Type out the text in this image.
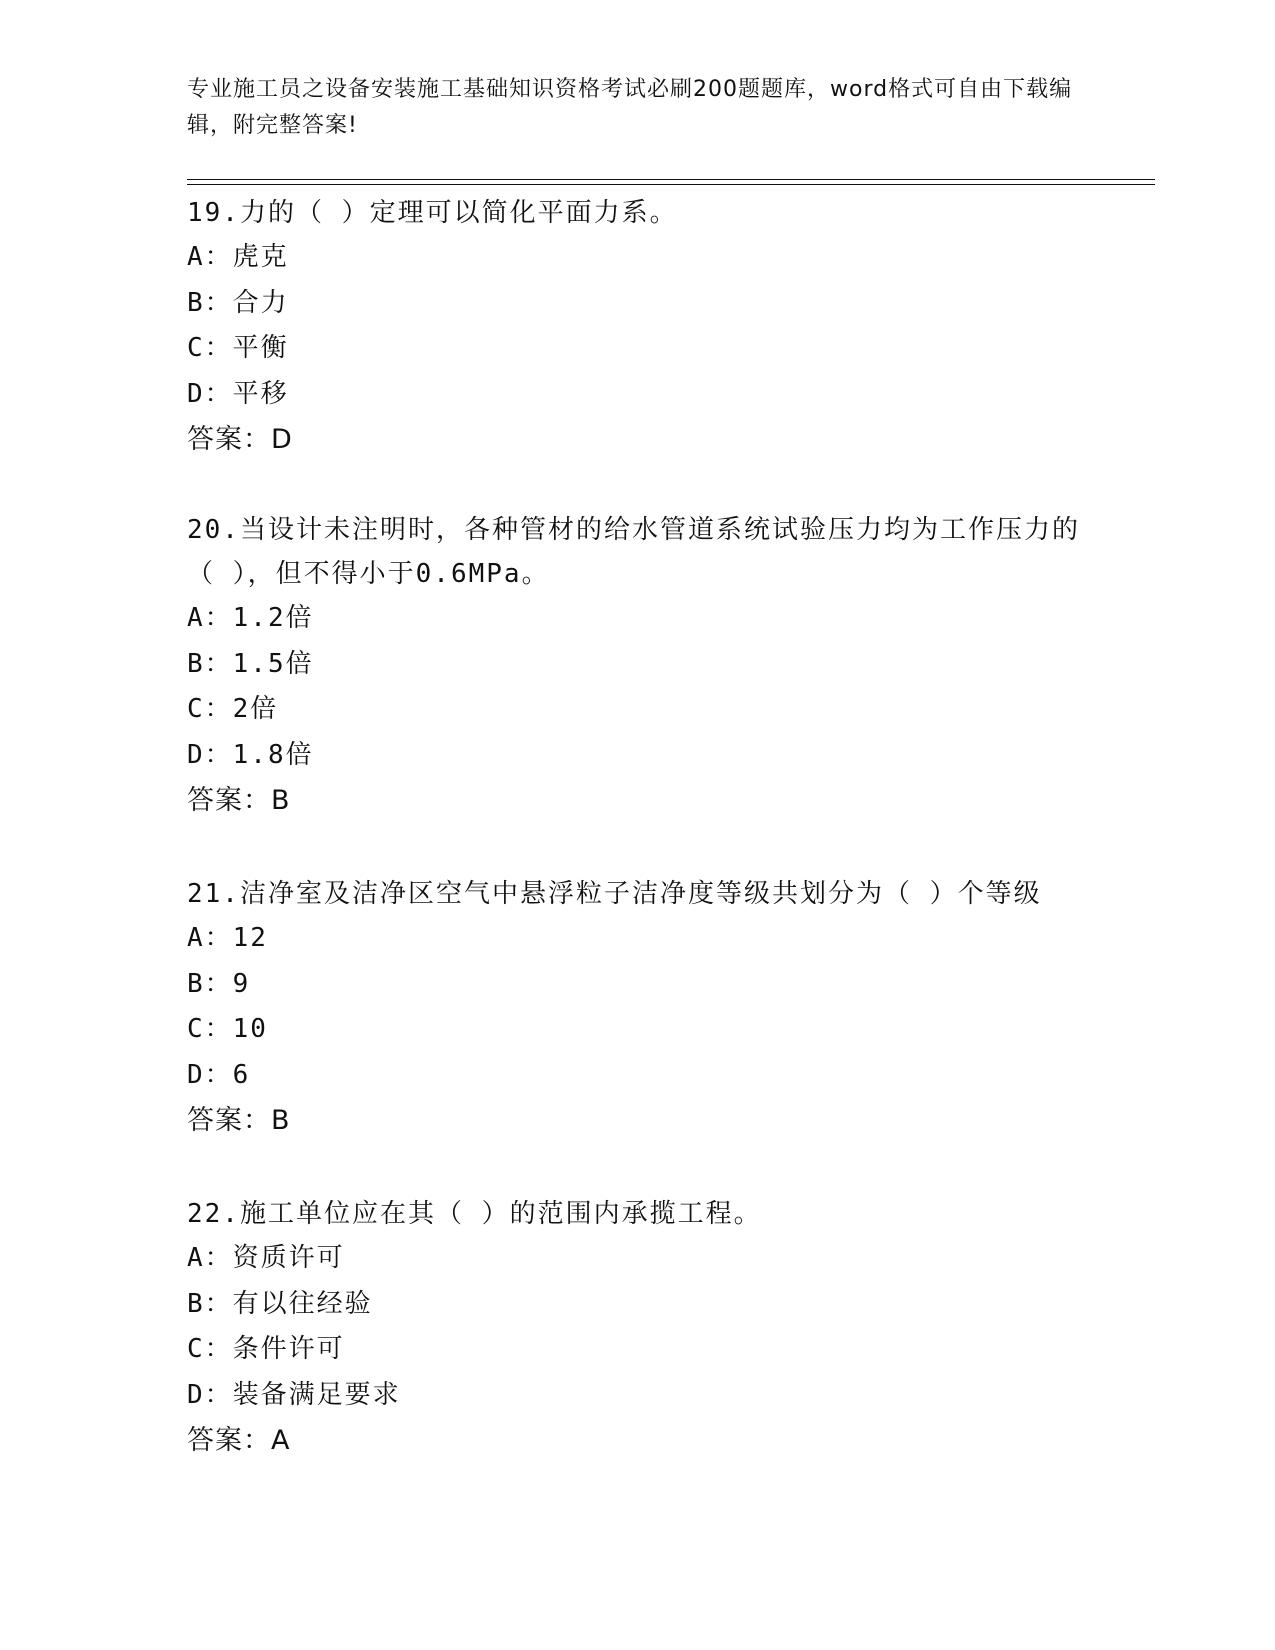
专业施工员之设备安装施工基础知识资格考试必刷200题题库，word格式可自由下载编辑，附完整答案!

19.力的（ ）定理可以简化平面力系。

A：虎克

B：合力

C：平衡

D：平移

答案：D

20.当设计未注明时，各种管材的给水管道系统试验压力均为工作压力的（ ），但不得小于0.6MPa。

A：1.2倍

B：1.5倍

C：2倍

D：1.8倍

答案：B

21.洁净室及洁净区空气中悬浮粒子洁净度等级共划分为（ ）个等级

A：12

B：9

C：10

D：6

答案：B

22.施工单位应在其（ ）的范围内承揽工程。

A：资质许可

B：有以往经验

C：条件许可

D：装备满足要求

答案：A
